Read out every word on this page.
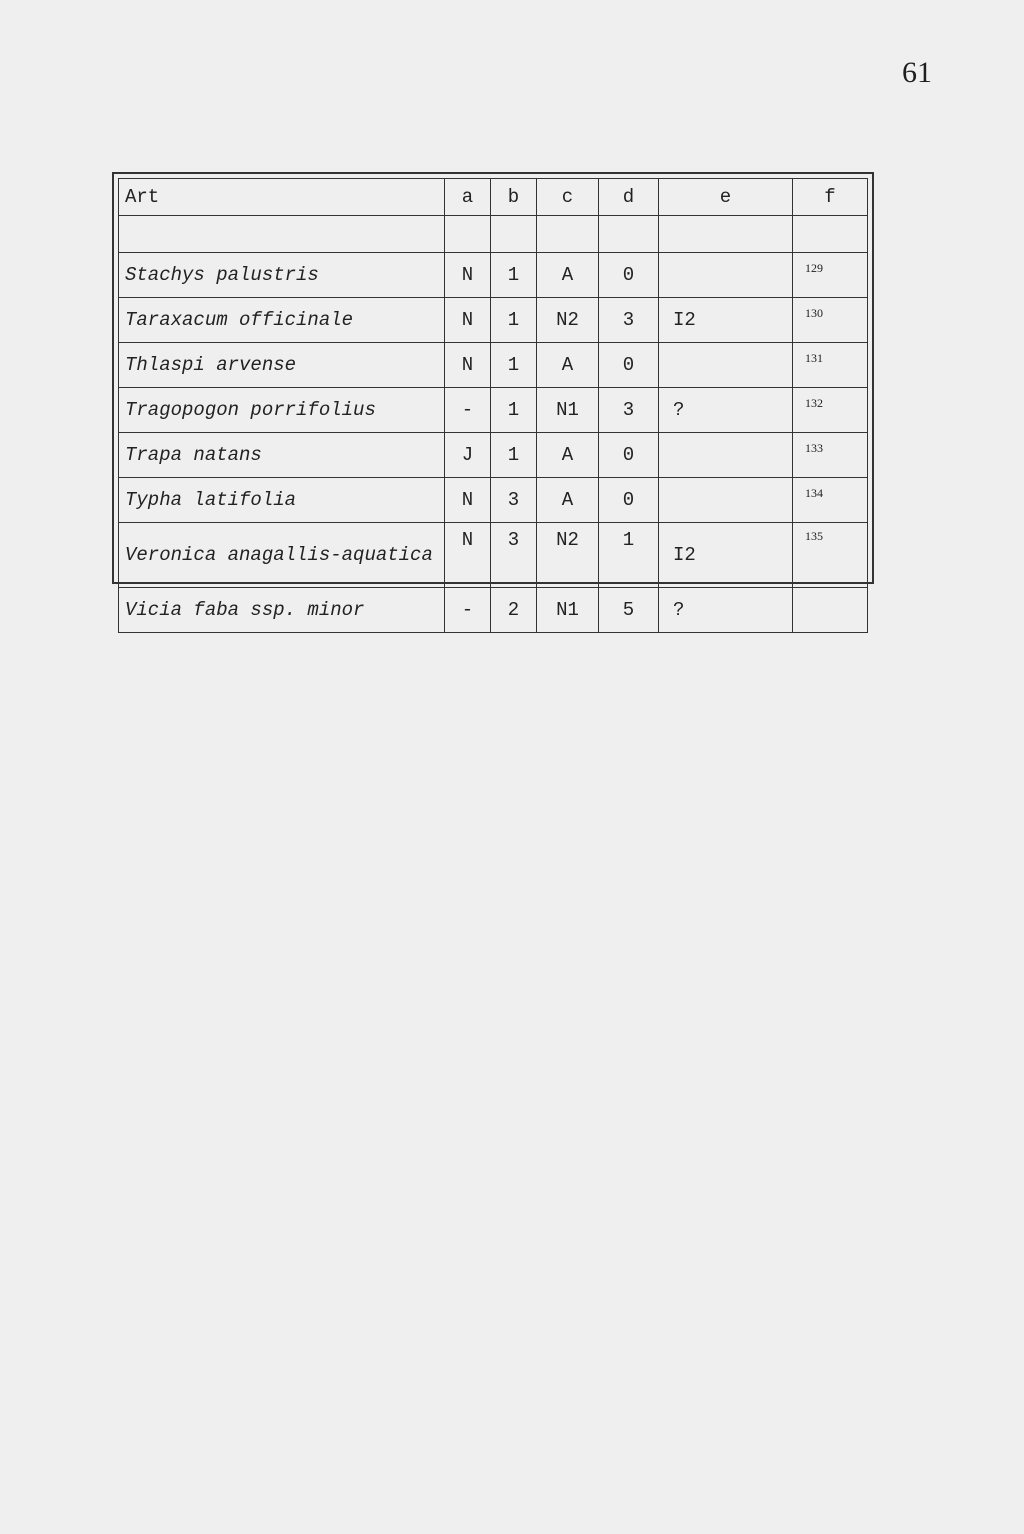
61
Art	a	b	c	d	e	f

Stachys palustris	N	1	A	0		129
Taraxacum officinale	N	1	N2	3	I2	130
Thlaspi arvense	N	1	A	0		131
Tragopogon porrifolius	-	1	N1	3	?	132
Trapa natans	J	1	A	0		133
Typha latifolia	N	3	A	0		134
Veronica anagallis-aquatica	N	3	N2	1	I2	135
Vicia faba ssp. minor	-	2	N1	5	?	
